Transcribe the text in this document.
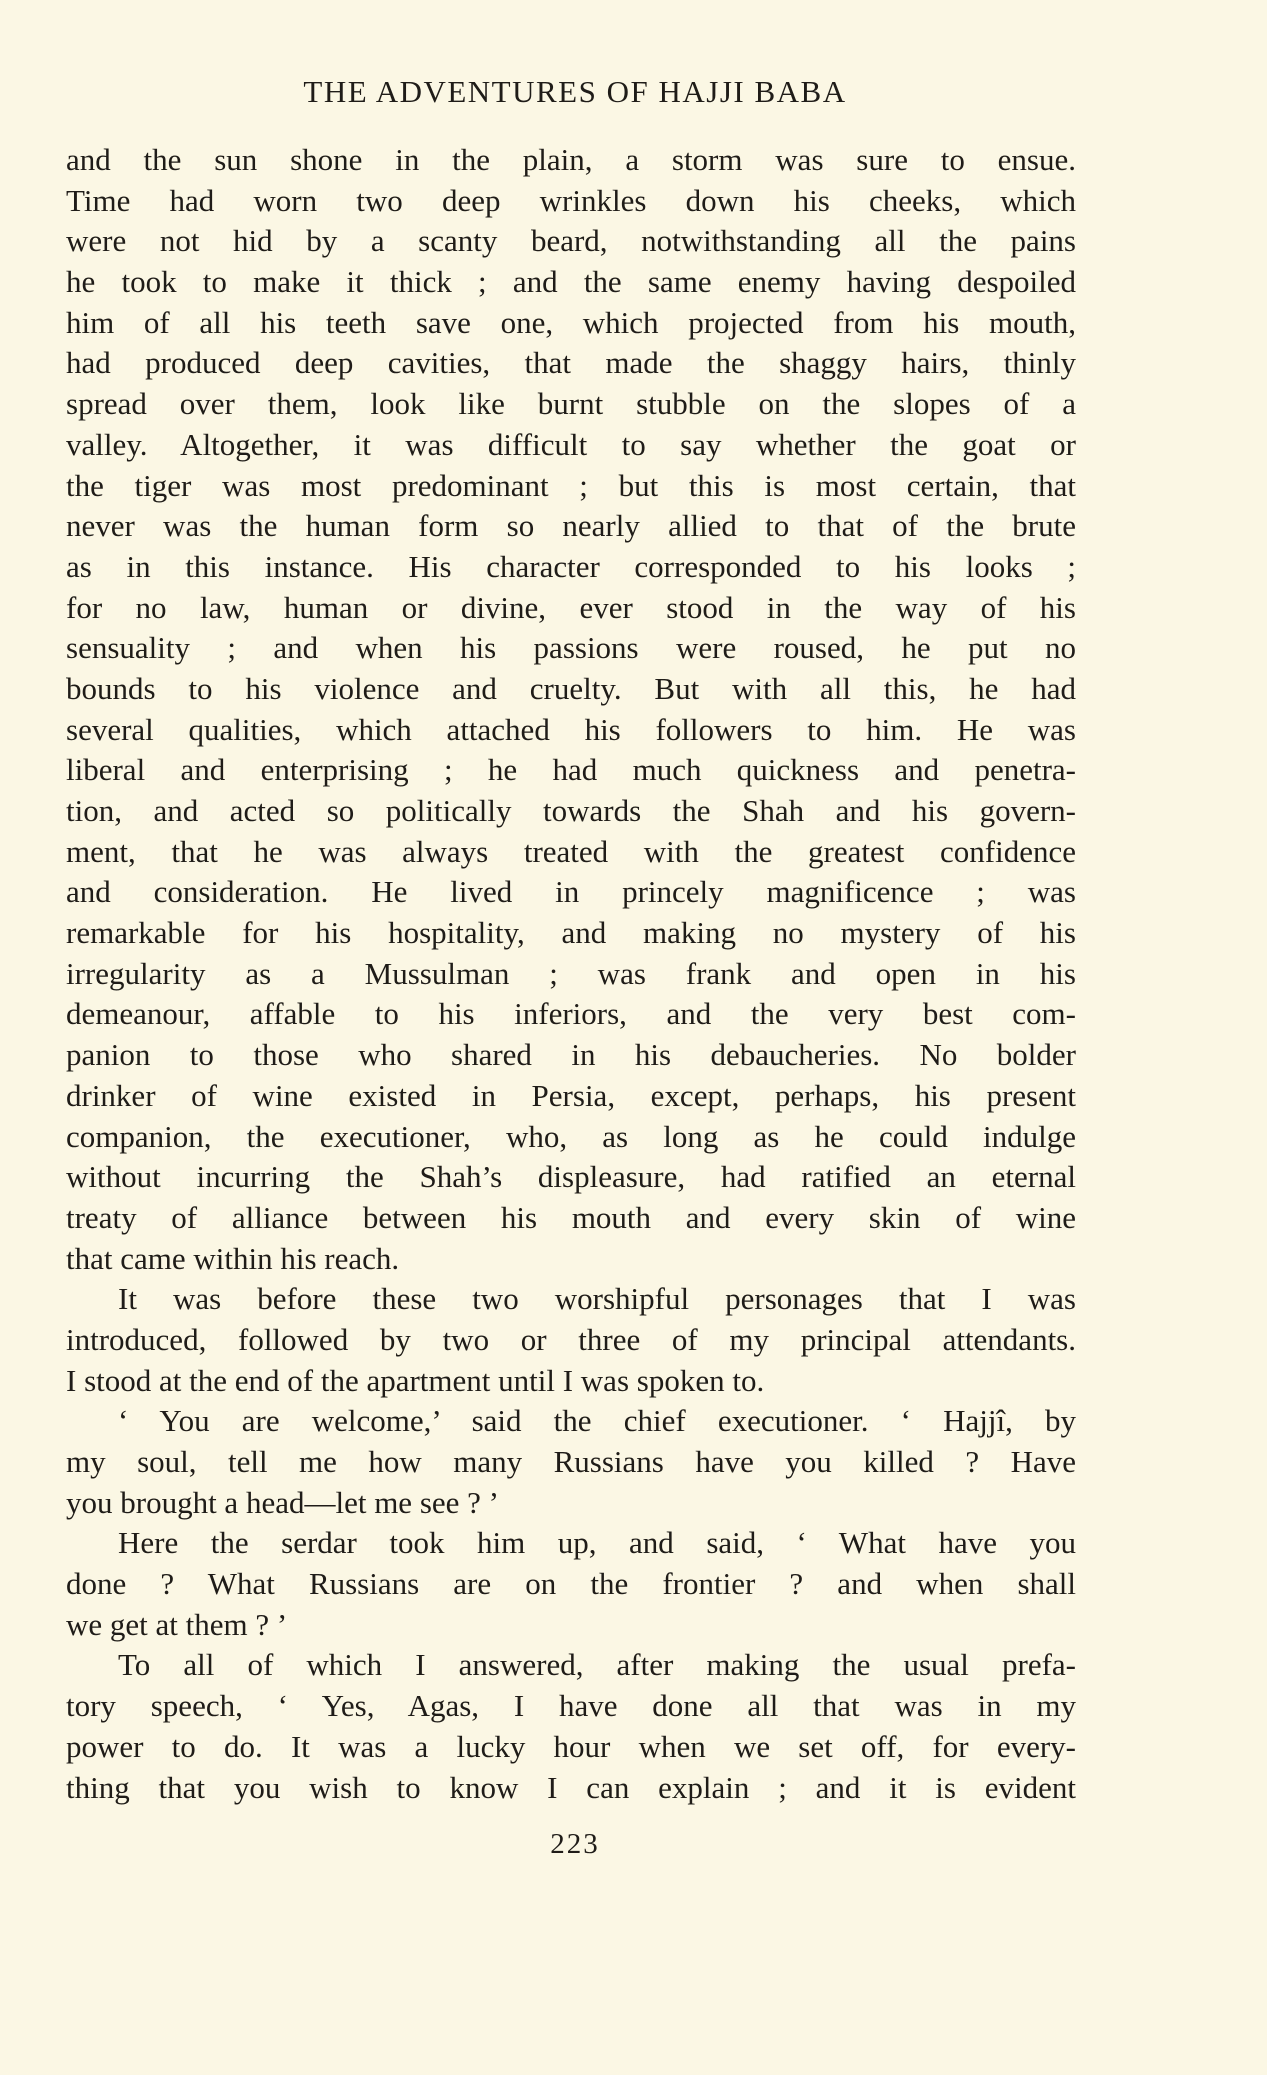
THE ADVENTURES OF HAJJI BABA
and the sun shone in the plain, a storm was sure to ensue.
Time had worn two deep wrinkles down his cheeks, which
were not hid by a scanty beard, notwithstanding all the pains
he took to make it thick ; and the same enemy having despoiled
him of all his teeth save one, which projected from his mouth,
had produced deep cavities, that made the shaggy hairs, thinly
spread over them, look like burnt stubble on the slopes of a
valley. Altogether, it was difficult to say whether the goat or
the tiger was most predominant ; but this is most certain, that
never was the human form so nearly allied to that of the brute
as in this instance. His character corresponded to his looks ;
for no law, human or divine, ever stood in the way of his
sensuality ; and when his passions were roused, he put no
bounds to his violence and cruelty. But with all this, he had
several qualities, which attached his followers to him. He was
liberal and enterprising ; he had much quickness and penetra-
tion, and acted so politically towards the Shah and his govern-
ment, that he was always treated with the greatest confidence
and consideration. He lived in princely magnificence ; was
remarkable for his hospitality, and making no mystery of his
irregularity as a Mussulman ; was frank and open in his
demeanour, affable to his inferiors, and the very best com-
panion to those who shared in his debaucheries. No bolder
drinker of wine existed in Persia, except, perhaps, his present
companion, the executioner, who, as long as he could indulge
without incurring the Shah’s displeasure, had ratified an eternal
treaty of alliance between his mouth and every skin of wine
that came within his reach.
It was before these two worshipful personages that I was
introduced, followed by two or three of my principal attendants.
I stood at the end of the apartment until I was spoken to.
‘ You are welcome,’ said the chief executioner. ‘ Hajjî, by
my soul, tell me how many Russians have you killed ? Have
you brought a head—let me see ? ’
Here the serdar took him up, and said, ‘ What have you
done ? What Russians are on the frontier ? and when shall
we get at them ? ’
To all of which I answered, after making the usual prefa-
tory speech, ‘ Yes, Agas, I have done all that was in my
power to do. It was a lucky hour when we set off, for every-
thing that you wish to know I can explain ; and it is evident
223
